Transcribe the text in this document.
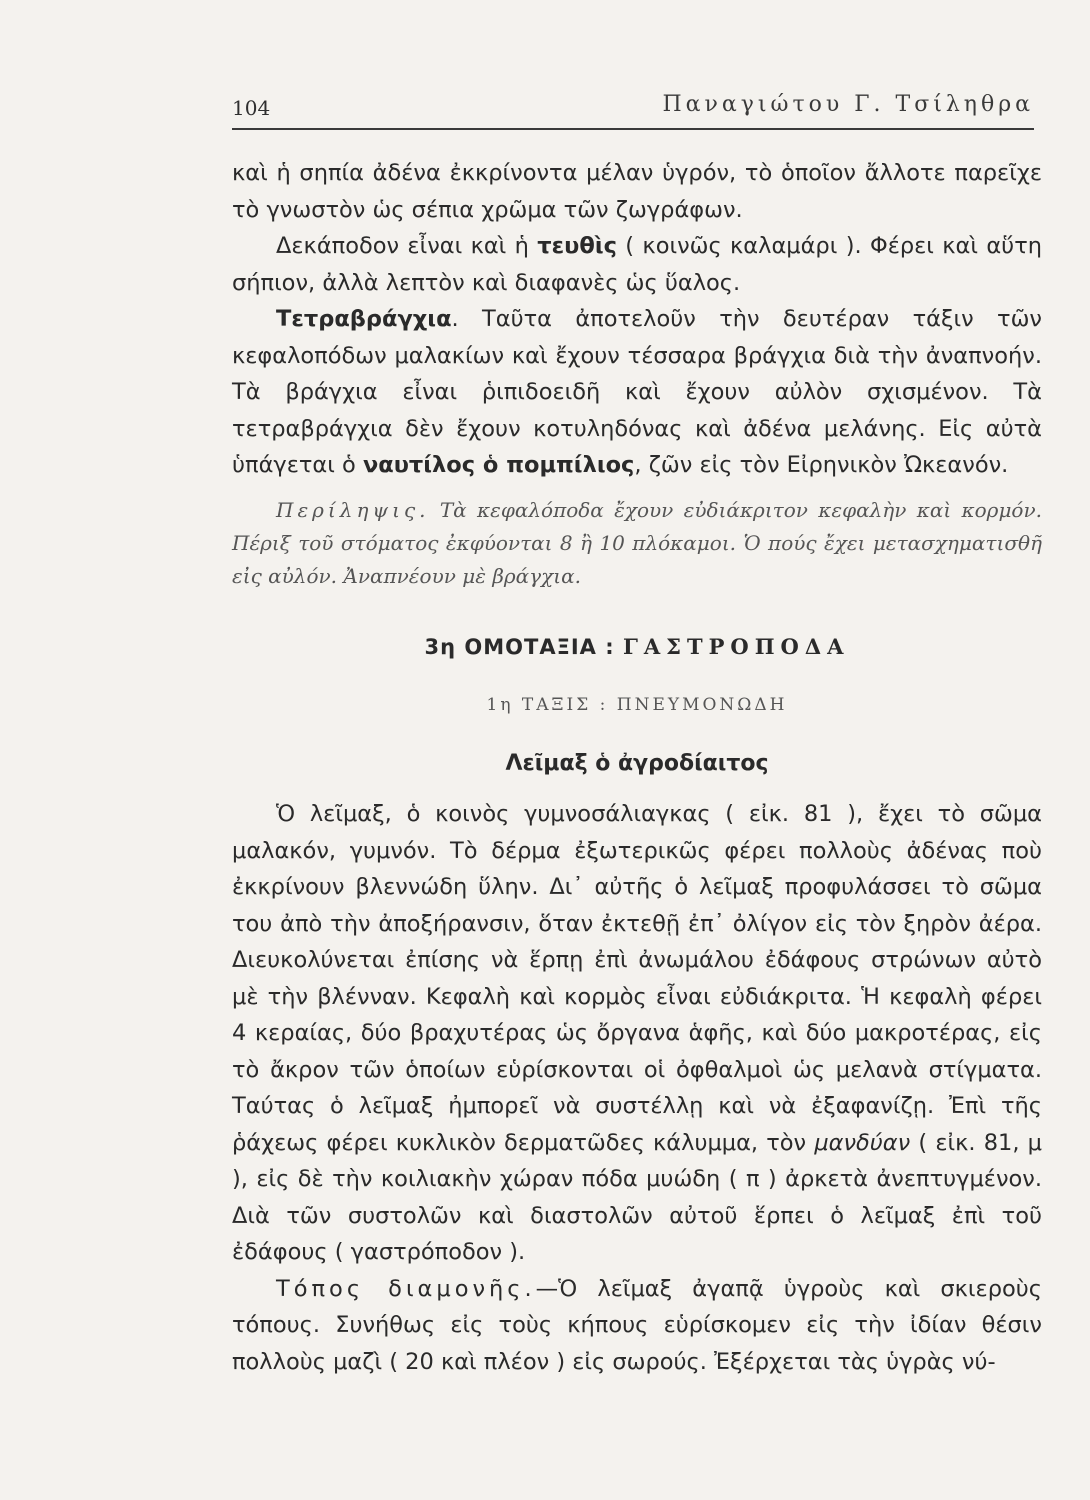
104	Παναγιώτου Γ. Τσίληθρα

καὶ ἡ σηπία ἀδένα ἐκκρίνοντα μέλαν ὑγρόν, τὸ ὁποῖον ἄλλοτε παρεῖχε τὸ γνωστὸν ὡς σέπια χρῶμα τῶν ζωγράφων.

Δεκάποδον εἶναι καὶ ἡ τευθὶς ( κοινῶς καλαμάρι ). Φέρει καὶ αὕτη σήπιον, ἀλλὰ λεπτὸν καὶ διαφανὲς ὡς ὕαλος.

Τετραβράγχια. Ταῦτα ἀποτελοῦν τὴν δευτέραν τάξιν τῶν κεφαλοπόδων μαλακίων καὶ ἔχουν τέσσαρα βράγχια διὰ τὴν ἀναπνοήν. Τὰ βράγχια εἶναι ῥιπιδοειδῆ καὶ ἔχουν αὐλὸν σχισμένον. Τὰ τετραβράγχια δὲν ἔχουν κοτυληδόνας καὶ ἀδένα μελάνης. Εἰς αὐτὰ ὑπάγεται ὁ ναυτίλος ὁ πομπίλιος, ζῶν εἰς τὸν Εἰρηνικὸν Ὠκεανόν.

Περίληψις. Τὰ κεφαλόποδα ἔχουν εὐδιάκριτον κεφαλὴν καὶ κορμόν. Πέριξ τοῦ στόματος ἐκφύονται 8 ἢ 10 πλόκαμοι. Ὁ πούς ἔχει μετασχηματισθῆ εἰς αὐλόν. Ἀναπνέουν μὲ βράγχια.

3η ΟΜΟΤΑΞΙΑ : ΓΑΣΤΡΟΠΟΔΑ

1η ΤΑΞΙΣ : ΠΝΕΥΜΟΝΩΔΗ

Λεῖμαξ ὁ ἀγροδίαιτος

Ὁ λεῖμαξ, ὁ κοινὸς γυμνοσάλιαγκας ( εἰκ. 81 ), ἔχει τὸ σῶμα μαλακόν, γυμνόν. Τὸ δέρμα ἐξωτερικῶς φέρει πολλοὺς ἀδένας ποὺ ἐκκρίνουν βλεννώδη ὕλην. Δι᾽ αὐτῆς ὁ λεῖμαξ προφυλάσσει τὸ σῶμα του ἀπὸ τὴν ἀποξήρανσιν, ὅταν ἐκτεθῇ ἐπ᾽ ὀλίγον εἰς τὸν ξηρὸν ἀέρα. Διευκολύνεται ἐπίσης νὰ ἕρπῃ ἐπὶ ἀνωμάλου ἐδάφους στρώνων αὐτὸ μὲ τὴν βλένναν. Κεφαλὴ καὶ κορμὸς εἶναι εὐδιάκριτα. Ἡ κεφαλὴ φέρει 4 κεραίας, δύο βραχυτέρας ὡς ὄργανα ἁφῆς, καὶ δύο μακροτέρας, εἰς τὸ ἄκρον τῶν ὁποίων εὑρίσκονται οἱ ὀφθαλμοὶ ὡς μελανὰ στίγματα. Ταύτας ὁ λεῖμαξ ἠμπορεῖ νὰ συστέλλῃ καὶ νὰ ἐξαφανίζῃ. Ἐπὶ τῆς ῥάχεως φέρει κυκλικὸν δερματῶδες κάλυμμα, τὸν μανδύαν ( εἰκ. 81, μ ), εἰς δὲ τὴν κοιλιακὴν χώραν πόδα μυώδη ( π ) ἀρκετὰ ἀνεπτυγμένον. Διὰ τῶν συστολῶν καὶ διαστολῶν αὐτοῦ ἕρπει ὁ λεῖμαξ ἐπὶ τοῦ ἐδάφους ( γαστρόποδον ).

Τόπος διαμονῆς.—Ὁ λεῖμαξ ἀγαπᾷ ὑγροὺς καὶ σκιεροὺς τόπους. Συνήθως εἰς τοὺς κήπους εὑρίσκομεν εἰς τὴν ἰδίαν θέσιν πολλοὺς μαζὶ ( 20 καὶ πλέον ) εἰς σωρούς. Ἐξέρχεται τὰς ὑγρὰς νύ-
